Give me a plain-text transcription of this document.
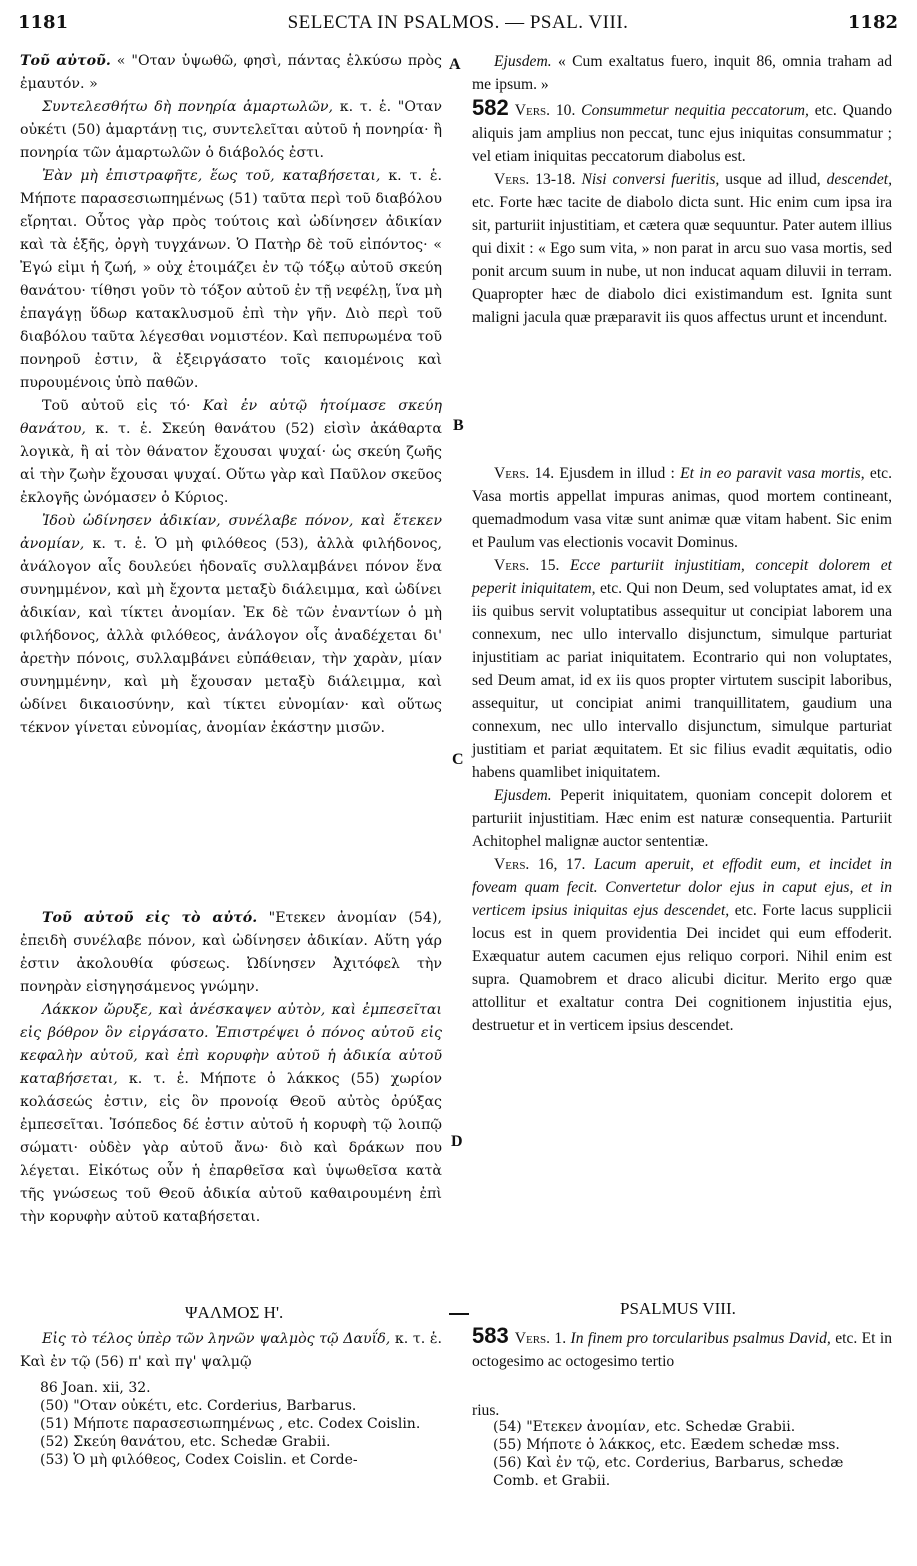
1181	SELECTA IN PSALMOS. — PSAL. VIII.	1182

Τοῦ αὐτοῦ. « "Οταν ὑψωθῶ, φησὶ, πάντας ἑλκύσω πρὸς ἐμαυτόν. »

Συντελεσθήτω δὴ πονηρία ἁμαρτωλῶν, κ. τ. ἑ. "Οταν οὐκέτι (50) ἁμαρτάνῃ τις, συντελεῖται αὐτοῦ ἡ πονηρία· ἢ πονηρία τῶν ἁμαρτωλῶν ὁ διάβολός ἐστι.

Ἐὰν μὴ ἐπιστραφῆτε, ἕως τοῦ, καταβήσεται, κ. τ. ἑ. Μήποτε παρασεσιωπημένως (51) ταῦτα περὶ τοῦ διαβόλου εἴρηται. Οὗτος γὰρ πρὸς τούτοις καὶ ὠδίνησεν ἀδικίαν καὶ τὰ ἑξῆς, ὀργὴ τυγχάνων. Ὁ Πατὴρ δὲ τοῦ εἰπόντος· « Ἐγώ εἰμι ἡ ζωή, » οὐχ ἑτοιμάζει ἐν τῷ τόξῳ αὐτοῦ σκεύη θανάτου· τίθησι γοῦν τὸ τόξον αὐτοῦ ἐν τῇ νεφέλῃ, ἵνα μὴ ἐπαγάγῃ ὕδωρ κατακλυσμοῦ ἐπὶ τὴν γῆν. Διὸ περὶ τοῦ διαβόλου ταῦτα λέγεσθαι νομιστέον. Καὶ πεπυρωμένα τοῦ πονηροῦ ἐστιν, ἃ ἐξειργάσατο τοῖς καιομένοις καὶ πυρουμένοις ὑπὸ παθῶν.

Τοῦ αὐτοῦ εἰς τό· Καὶ ἐν αὐτῷ ἡτοίμασε σκεύη θανάτου, κ. τ. ἑ. Σκεύη θανάτου (52) εἰσὶν ἀκάθαρτα λογικὰ, ἢ αἱ τὸν θάνατον ἔχουσαι ψυχαί· ὡς σκεύη ζωῆς αἱ τὴν ζωὴν ἔχουσαι ψυχαί. Οὕτω γὰρ καὶ Παῦλον σκεῦος ἐκλογῆς ὠνόμασεν ὁ Κύριος.

Ἰδοὺ ὠδίνησεν ἀδικίαν, συνέλαβε πόνον, καὶ ἔτεκεν ἀνομίαν, κ. τ. ἑ. Ὁ μὴ φιλόθεος (53), ἀλλὰ φιλήδονος, ἀνάλογον αἷς δουλεύει ἡδοναῖς συλλαμβάνει πόνον ἕνα συνημμένον, καὶ μὴ ἔχοντα μεταξὺ διάλειμμα, καὶ ὠδίνει ἀδικίαν, καὶ τίκτει ἀνομίαν. Ἐκ δὲ τῶν ἐναντίων ὁ μὴ φιλήδονος, ἀλλὰ φιλόθεος, ἀνάλογον οἷς ἀναδέχεται δι' ἀρετὴν πόνοις, συλλαμβάνει εὐπάθειαν, τὴν χαρὰν, μίαν συνημμένην, καὶ μὴ ἔχουσαν μεταξὺ διάλειμμα, καὶ ὠδίνει δικαιοσύνην, καὶ τίκτει εὐνομίαν· καὶ οὕτως τέκνον γίνεται εὐνομίας, ἀνομίαν ἑκάστην μισῶν.

Τοῦ αὐτοῦ εἰς τὸ αὐτό. "Ετεκεν ἀνομίαν (54), ἐπειδὴ συνέλαβε πόνον, καὶ ὠδίνησεν ἀδικίαν. Αὕτη γάρ ἐστιν ἀκολουθία φύσεως. Ὠδίνησεν Ἀχιτόφελ τὴν πονηρὰν εἰσηγησάμενος γνώμην.

Λάκκον ὤρυξε, καὶ ἀνέσκαψεν αὐτὸν, καὶ ἐμπεσεῖται εἰς βόθρον ὃν εἰργάσατο. Ἐπιστρέψει ὁ πόνος αὐτοῦ εἰς κεφαλὴν αὐτοῦ, καὶ ἐπὶ κορυφὴν αὐτοῦ ἡ ἀδικία αὐτοῦ καταβήσεται, κ. τ. ἑ. Μήποτε ὁ λάκκος (55) χωρίον κολάσεώς ἐστιν, εἰς ὃν προνοίᾳ Θεοῦ αὐτὸς ὀρύξας ἐμπεσεῖται. Ἰσόπεδος δέ ἐστιν αὐτοῦ ἡ κορυφὴ τῷ λοιπῷ σώματι· οὐδὲν γὰρ αὐτοῦ ἄνω· διὸ καὶ δράκων που λέγεται. Εἰκότως οὖν ἡ ἐπαρθεῖσα καὶ ὑψωθεῖσα κατὰ τῆς γνώσεως τοῦ Θεοῦ ἀδικία αὐτοῦ καθαιρουμένη ἐπὶ τὴν κορυφὴν αὐτοῦ καταβήσεται.

ΨΑΛΜΟΣ Η'.

Εἰς τὸ τέλος ὑπὲρ τῶν ληνῶν ψαλμὸς τῷ Δαυΐδ, κ. τ. ἑ. Καὶ ἐν τῷ (56) π' καὶ πγ' ψαλμῷ

86 Joan. xii, 32.
(50) "Οταν οὐκέτι, etc. Corderius, Barbarus.
(51) Μήποτε παρασεσιωπημένως , etc. Codex Coislin.
(52) Σκεύη θανάτου, etc. Schedæ Grabii.
(53) Ὁ μὴ φιλόθεος, Codex Coislin. et Corde-
A
B
C
D

Ejusdem. « Cum exaltatus fuero, inquit 86, omnia traham ad me ipsum. »

582 Vers. 10. Consummetur nequitia peccatorum, etc. Quando aliquis jam amplius non peccat, tunc ejus iniquitas consummatur ; vel etiam iniquitas peccatorum diabolus est.

Vers. 13-18. Nisi conversi fueritis, usque ad illud, descendet, etc. Forte hæc tacite de diabolo dicta sunt. Hic enim cum ipsa ira sit, parturiit injustitiam, et cætera quæ sequuntur. Pater autem illius qui dixit : « Ego sum vita, » non parat in arcu suo vasa mortis, sed ponit arcum suum in nube, ut non inducat aquam diluvii in terram. Quapropter hæc de diabolo dici existimandum est. Ignita sunt maligni jacula quæ præparavit iis quos affectus urunt et incendunt.

Vers. 14. Ejusdem in illud : Et in eo paravit vasa mortis, etc. Vasa mortis appellat impuras animas, quod mortem contineant, quemadmodum vasa vitæ sunt animæ quæ vitam habent. Sic enim et Paulum vas electionis vocavit Dominus.

Vers. 15. Ecce parturiit injustitiam, concepit dolorem et peperit iniquitatem, etc. Qui non Deum, sed voluptates amat, id ex iis quibus servit voluptatibus assequitur ut concipiat laborem una connexum, nec ullo intervallo disjunctum, simulque parturiat injustitiam ac pariat iniquitatem. Econtrario qui non voluptates, sed Deum amat, id ex iis quos propter virtutem suscipit laboribus, assequitur, ut concipiat animi tranquillitatem, gaudium una connexum, nec ullo intervallo disjunctum, simulque parturiat justitiam et pariat æquitatem. Et sic filius evadit æquitatis, odio habens quamlibet iniquitatem.

Ejusdem. Peperit iniquitatem, quoniam concepit dolorem et parturiit injustitiam. Hæc enim est naturæ consequentia. Parturiit Achitophel malignæ auctor sententiæ.

Vers. 16, 17. Lacum aperuit, et effodit eum, et incidet in foveam quam fecit. Convertetur dolor ejus in caput ejus, et in verticem ipsius iniquitas ejus descendet, etc. Forte lacus supplicii locus est in quem providentia Dei incidet qui eum effoderit. Exæquatur autem cacumen ejus reliquo corpori. Nihil enim est supra. Quamobrem et draco alicubi dicitur. Merito ergo quæ attollitur et exaltatur contra Dei cognitionem injustitia ejus, destruetur et in verticem ipsius descendet.

PSALMUS VIII.

583 Vers. 1. In finem pro torcularibus psalmus David, etc. Et in octogesimo ac octogesimo tertio

rius.

(54) "Ετεκεν ἀνομίαν, etc. Schedæ Grabii.
(55) Μήποτε ὁ λάκκος, etc. Eædem schedæ mss.
(56) Καὶ ἐν τῷ, etc. Corderius, Barbarus, schedæ Comb. et Grabii.
